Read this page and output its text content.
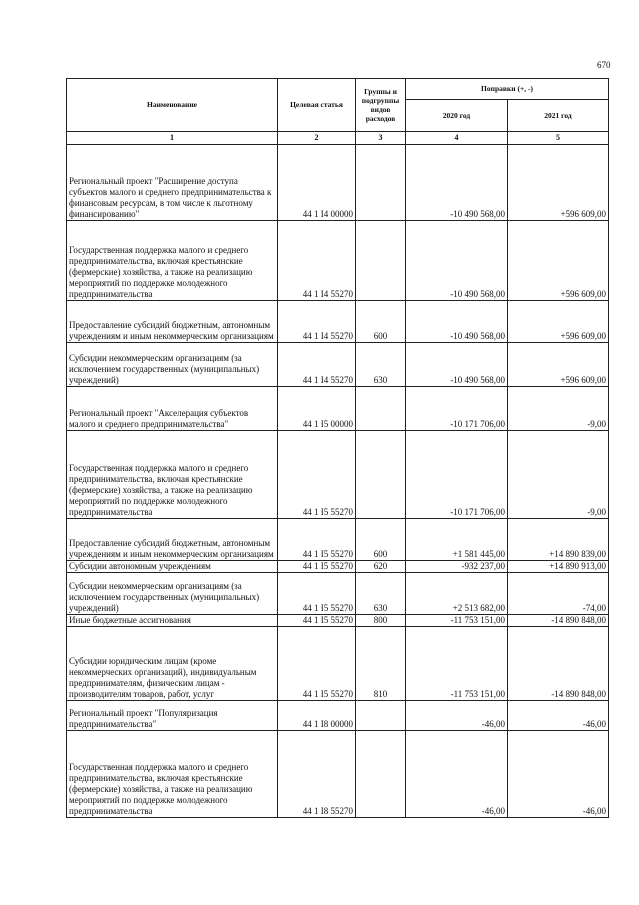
670
Наименование	Целевая статья	Группы и подгруппы видов расходов	Поправки (+, -)	
			2020 год	2021 год
1	2	3	4	5
Региональный проект "Расширение доступа субъектов малого и среднего предпринимательства к финансовым ресурсам, в том числе к льготному финансированию"	44 1 I4 00000		-10 490 568,00	+596 609,00
Государственная поддержка малого и среднего предпринимательства, включая крестьянские (фермерские) хозяйства, а также на реализацию мероприятий по поддержке молодежного предпринимательства	44 1 I4 55270		-10 490 568,00	+596 609,00
Предоставление субсидий бюджетным, автономным учреждениям и иным некоммерческим организациям	44 1 I4 55270	600	-10 490 568,00	+596 609,00
Субсидии некоммерческим организациям (за исключением государственных (муниципальных) учреждений)	44 1 I4 55270	630	-10 490 568,00	+596 609,00
Региональный проект "Акселерация субъектов малого и среднего предпринимательства"	44 1 I5 00000		-10 171 706,00	-9,00
Государственная поддержка малого и среднего предпринимательства, включая крестьянские (фермерские) хозяйства, а также на реализацию мероприятий по поддержке молодежного предпринимательства	44 1 I5 55270		-10 171 706,00	-9,00
Предоставление субсидий бюджетным, автономным учреждениям и иным некоммерческим организациям	44 1 I5 55270	600	+1 581 445,00	+14 890 839,00
Субсидии автономным учреждениям	44 1 I5 55270	620	-932 237,00	+14 890 913,00
Субсидии некоммерческим организациям (за исключением государственных (муниципальных) учреждений)	44 1 I5 55270	630	+2 513 682,00	-74,00
Иные бюджетные ассигнования	44 1 I5 55270	800	-11 753 151,00	-14 890 848,00
Субсидии юридическим лицам (кроме некоммерческих организаций), индивидуальным предпринимателям, физическим лицам - производителям товаров, работ, услуг	44 1 I5 55270	810	-11 753 151,00	-14 890 848,00
Региональный проект "Популяризация предпринимательства"	44 1 I8 00000		-46,00	-46,00
Государственная поддержка малого и среднего предпринимательства, включая крестьянские (фермерские) хозяйства, а также на реализацию мероприятий по поддержке молодежного предпринимательства	44 1 I8 55270		-46,00	-46,00
